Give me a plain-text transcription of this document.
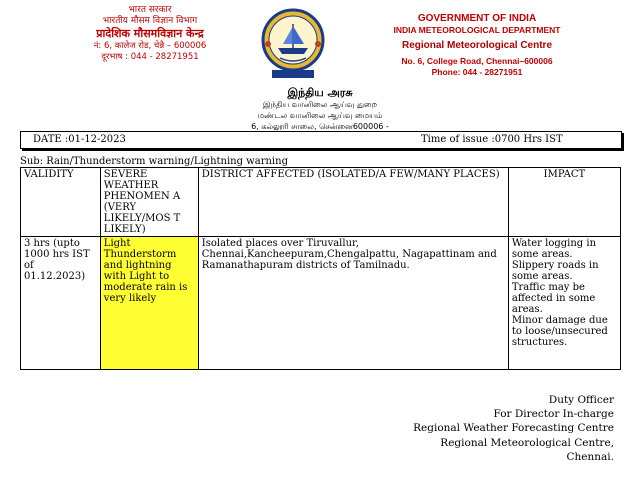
भारत सरकार
भारतीय मौसम विज्ञान विभाग
प्रादेशिक मौसमविज्ञान केन्द्र
नं: 6, कालेज रोड, चेन्नै – 600006
दूरभाष : 044 - 28271951
GOVERNMENT OF INDIA
INDIA METEOROLOGICAL DEPARTMENT
Regional Meteorological Centre
No. 6, College Road, Chennai–600006
Phone: 044 - 28271951
இந்திய அரசு
இந்திய வானிலை ஆய்வு துறை
மண்டல வானிலை ஆய்வு மையம்
6, கல்லூரி சாலை, சென்னை600006 -
DATE :01-12-2023	Time of issue :0700 Hrs IST
Sub: Rain/Thunderstorm warning/Lightning warning
VALIDITY	SEVERE WEATHER PHENOMEN A (VERY LIKELY/MOS T LIKELY)	DISTRICT AFFECTED (ISOLATED/A FEW/MANY PLACES)	IMPACT
3 hrs (upto 1000 hrs IST of 01.12.2023)	Light Thunderstorm and lightning with Light to moderate rain is very likely	Isolated places over Tiruvallur, Chennai,Kancheepuram,Chengalpattu, Nagapattinam and Ramanathapuram districts of Tamilnadu.	Water logging in some areas.
Slippery roads in some areas.
Traffic may be affected in some areas.
Minor damage due to loose/unsecured structures.
Duty Officer
For Director In-charge
Regional Weather Forecasting Centre
Regional Meteorological Centre,
Chennai.
